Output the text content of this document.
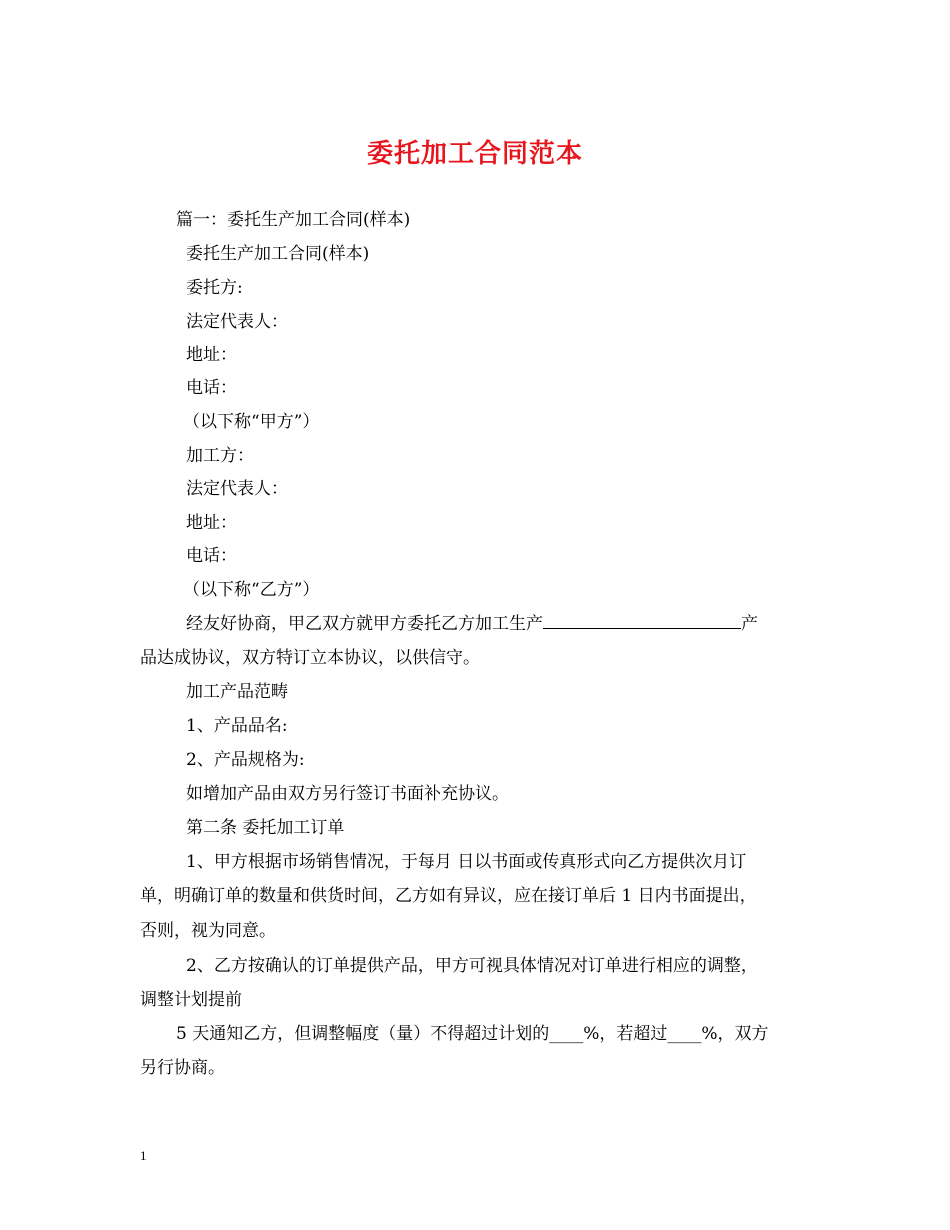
委托加工合同范本
篇一：委托生产加工合同(样本)
委托生产加工合同(样本)
委托方:
法定代表人：
地址：
电话：
（以下称“甲方”）
加工方：
法定代表人：
地址：
电话：
（以下称“乙方”）
经友好协商，甲乙双方就甲方委托乙方加工生产	产
品达成协议，双方特订立本协议，以供信守。
加工产品范畴
1、产品品名:
2、产品规格为:
如增加产品由双方另行签订书面补充协议。
第二条 委托加工订单
1、甲方根据市场销售情况，于每月 日以书面或传真形式向乙方提供次月订
单，明确订单的数量和供货时间，乙方如有异议，应在接订单后 1 日内书面提出，
否则，视为同意。
2、乙方按确认的订单提供产品，甲方可视具体情况对订单进行相应的调整，
调整计划提前
5 天通知乙方，但调整幅度（量）不得超过计划的____%，若超过____%，双方
另行协商。
1
